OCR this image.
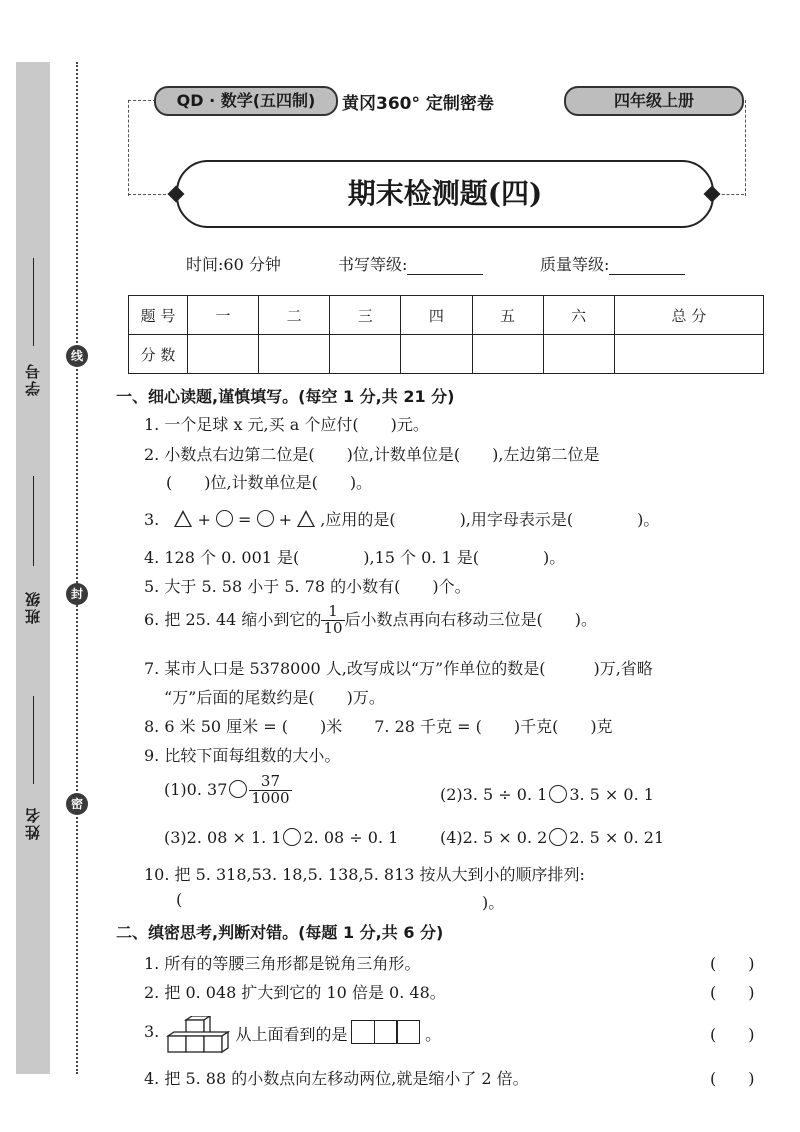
学号
班级
姓名
线
封
密
QD · 数学(五四制)	黄冈360° 定制密卷	四年级上册
期末检测题(四)
时间:60 分钟	书写等级:	质量等级:
题 号	一	二	三	四	五	六	总 分
分 数							
一、细心读题,谨慎填写。(每空 1 分,共 21 分)
1. 一个足球 x 元,买 a 个应付(　　)元。
2. 小数点右边第二位是(　　)位,计数单位是(　　),左边第二位是
(　　)位,计数单位是(　　)。
3. + = + ,应用的是(　　　　),用字母表示是(　　　　)。
4. 128 个 0. 001 是(　　　　),15 个 0. 1 是(　　　　)。
5. 大于 5. 58 小于 5. 78 的小数有(　　)个。
6. 把 25. 44 缩小到它的 $\frac{1}{10}$ 后小数点再向右移动三位是(　　)。
7. 某市人口是 5378000 人,改写成以“万”作单位的数是(　　　)万,省略
“万”后面的尾数约是(　　)万。
8. 6 米 50 厘米 = (　　)米　　7. 28 千克 = (　　)千克(　　)克
9. 比较下面每组数的大小。
(1)0. $37 \frac{37}{1000}$	(2)3. 5 ÷ 0. 1 3. 5 × 0. 1
(3)2. 08 × 1. 1 2. 08 ÷ 0. 1	(4)2. 5 × 0. 2 2. 5 × 0. 21
10. 把 5. 318,53. 18,5. 138,5. 813 按从大到小的顺序排列:
(	)。
二、缜密思考,判断对错。(每题 1 分,共 6 分)
1. 所有的等腰三角形都是锐角三角形。	(　　)
2. 把 0. 048 扩大到它的 10 倍是 0. 48。	(　　)
3.	从上面看到的是	。	(　　)
4. 把 5. 88 的小数点向左移动两位,就是缩小了 2 倍。	(　　)
